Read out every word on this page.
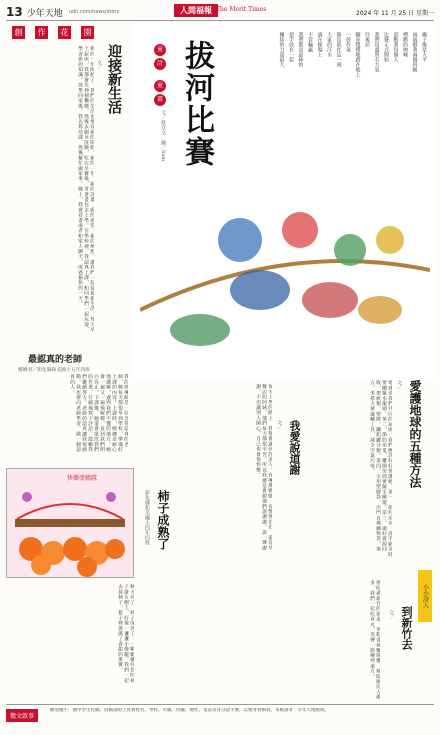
13 少年天地 udn.com/news/story	人間福報 The Merit Times	2024 年 11 月 25 日 星期一
創	作	花	園
迎接新生活
文／
新的一年開始了，我們的生活也要有新的開始。新的一年，新的計畫，新的希望，新的夢想，讓我們一起迎接新生活。每天早上起床，我都會先伸個懶腰，然後去刷牙洗臉，吃完早餐後，背著書包去上學。在學校裡，我認真上課，和同學們一起玩耍，學習新的知識。放學回家後，我先寫功課，然後幫忙做家事。晚上，我會看書或者和家人聊天，度過愉快的一天。
最認真的老師
鄭曉君／彰化縣和美國小五年四班
我的班導師是一位非常認真的老師，她每天都很早到學校，準備好上課的內容。上課時，她總是耐心地講解，遇到我們不懂的地方，她會一遍又一遍地解釋，直到我們明白為止。下課後，她還會批改我們的作業，仔細地寫下評語，鼓勵我們繼續努力。老師的認真讓我很感動，我也要向老師學習，做一個認真的人。
快樂塗鴉隊
柿子成熟了
彰化縣和美國小四年四班
童
詩
童
畫 拔河比賽
文／蔡宜文　圖／Sam
繩子像是大平
兩端綁著兩個班級
嘿喲的吶喊
震動著每個人
比賽正式開始
我們用盡所有力氣
往後拉
腳步穩穩地踏在地上
一鼓作氣
勝負就在這一刻
大家的汗水
滴在操場上
不管輸贏
我們都是最棒的
把手放在一起
團結的力量最大
愛護地球的五種方法
文／
地球是我們共同的家園，我們應該好好愛護她。第一，節約用水，洗手刷牙時要關緊水龍頭。第二，節約用電，離開房間要隨手關燈。第三，做好資源回收，把紙類、塑膠、鐵鋁罐分類。第四，少用塑膠袋，出門自備購物袋。第五，多搭大眾運輸工具，減少空氣污染。
我愛說道謝
文／
每天上學的路上，我都會遇到許多人。有導護媽媽，有警察伯伯，還有早餐店的阿姨。他們每天都很辛苦，所以我總是會跟他們說謝謝。說一聲謝謝，不但讓別人開心，自己也會很快樂。
小小詩人
到新竹去
文／
風吹過新竹的街道，米粉香氣飄呀飄，城隍廟前人潮多，我們一起吃貢丸，笑聲一路傳到遠方。
秋天到了，柿子成熟了，一顆顆橘紅色的柿子掛在樹上，好像一盞盞小燈籠。我們一起去採柿子，籃子裡裝滿了香甜的果實。
徵文啟事
歡迎國小、國中學生投稿。投稿請附上真實姓名、學校、年級、班級、地址、電話及身分證字號，以便寄發稿費。來稿請寄：少年天地版收。
